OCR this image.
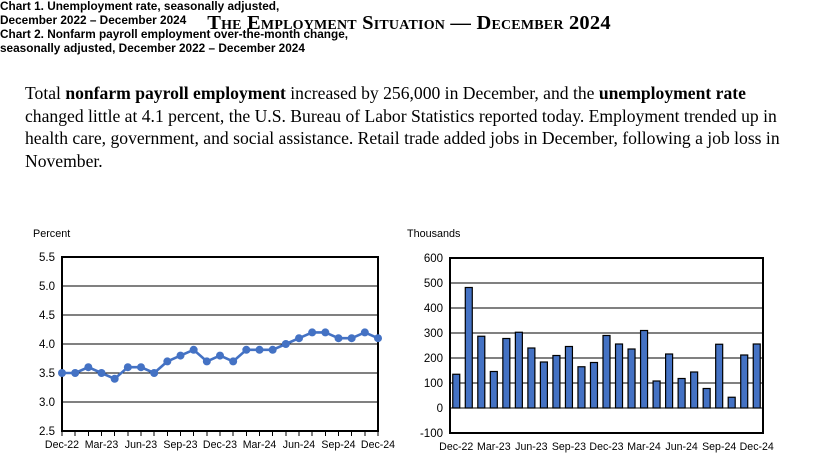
The Employment Situation — December 2024

Total nonfarm payroll employment increased by 256,000 in December, and the unemployment rate changed little at 4.1 percent, the U.S. Bureau of Labor Statistics reported today. Employment trended up in health care, government, and social assistance. Retail trade added jobs in December, following a job loss in November.

Chart 1. Unemployment rate, seasonally adjusted,
December 2022 – December 2024
Percent
2.5
3.0
3.5
4.0
4.5
5.0
5.5
Dec-22 Mar-23 Jun-23 Sep-23 Dec-23 Mar-24 Jun-24 Sep-24 Dec-24
Chart 2. Nonfarm payroll employment over-the-month change,
seasonally adjusted, December 2022 – December 2024
Thousands
-100
0
100
200
300
400
500
600
Dec-22 Mar-23 Jun-23 Sep-23 Dec-23 Mar-24 Jun-24 Sep-24 Dec-24
